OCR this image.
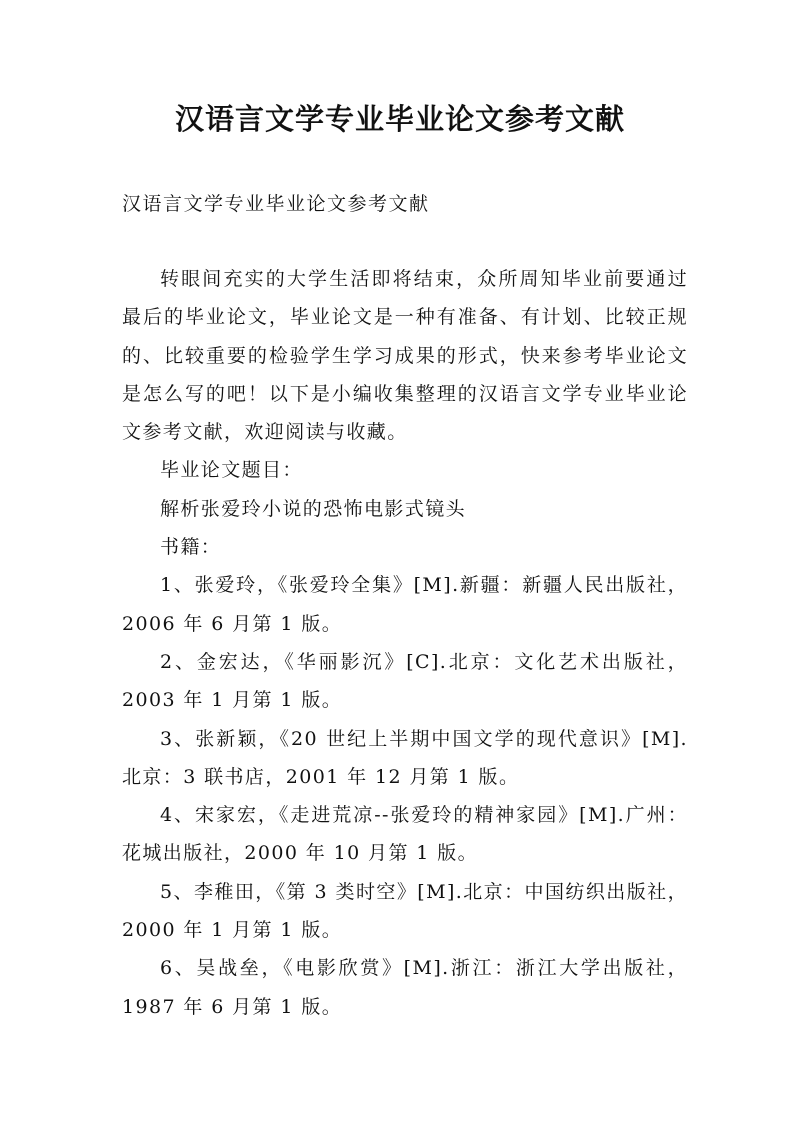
汉语言文学专业毕业论文参考文献

汉语言文学专业毕业论文参考文献

转眼间充实的大学生活即将结束，众所周知毕业前要通过最后的毕业论文，毕业论文是一种有准备、有计划、比较正规的、比较重要的检验学生学习成果的形式，快来参考毕业论文是怎么写的吧！以下是小编收集整理的汉语言文学专业毕业论文参考文献，欢迎阅读与收藏。

毕业论文题目：

解析张爱玲小说的恐怖电影式镜头

书籍：

1、张爱玲，《张爱玲全集》[M].新疆：新疆人民出版社，2006 年 6 月第 1 版。

2、金宏达，《华丽影沉》[C].北京：文化艺术出版社，2003 年 1 月第 1 版。

3、张新颖，《20 世纪上半期中国文学的现代意识》[M].北京：3 联书店，2001 年 12 月第 1 版。

4、宋家宏，《走进荒凉--张爱玲的精神家园》[M].广州：花城出版社，2000 年 10 月第 1 版。

5、李稚田，《第 3 类时空》[M].北京：中国纺织出版社，2000 年 1 月第 1 版。

6、吴战垒，《电影欣赏》[M].浙江：浙江大学出版社，1987 年 6 月第 1 版。
